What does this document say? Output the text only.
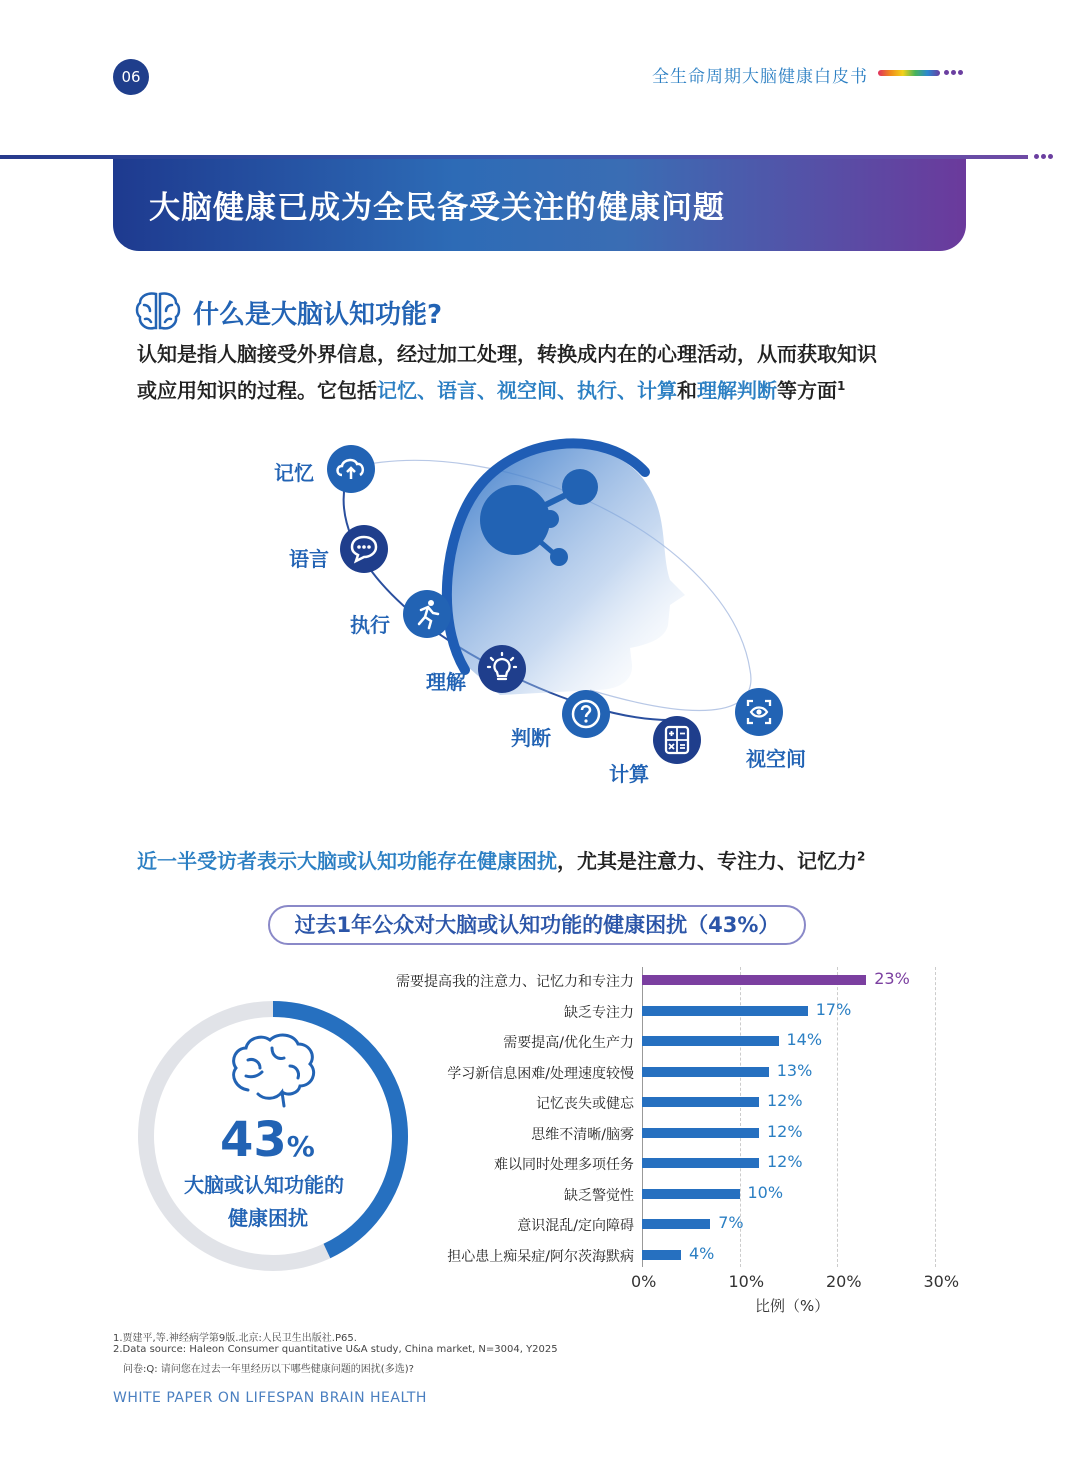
06	全生命周期大脑健康白皮书
大脑健康已成为全民备受关注的健康问题
什么是大脑认知功能?
认知是指人脑接受外界信息，经过加工处理，转换成内在的心理活动，从而获取知识
或应用知识的过程。它包括记忆、语言、视空间、执行、计算和理解判断等方面$^1$
记忆
语言
执行
理解
判断
计算
视空间
近一半受访者表示大脑或认知功能存在健康困扰，尤其是注意力、专注力、记忆力$^2$
过去1年公众对大脑或认知功能的健康困扰（43%）
43%
大脑或认知功能的
健康困扰
0%	10%	20%	30%
需要提高我的注意力、记忆力和专注力	23%
缺乏专注力	17%
需要提高/优化生产力	14%
学习新信息困难/处理速度较慢	13%
记忆丧失或健忘	12%
思维不清晰/脑雾	12%
难以同时处理多项任务	12%
缺乏警觉性	10%
意识混乱/定向障碍	7%
担心患上痴呆症/阿尔茨海默病	4%
比例（%）
1.贾建平,等.神经病学第9版.北京:人民卫生出版社.P65.
2.Data source: Haleon Consumer quantitative U&A study, China market, N=3004, Y2025
问卷:Q: 请问您在过去一年里经历以下哪些健康问题的困扰(多选)?
WHITE PAPER ON LIFESPAN BRAIN HEALTH
